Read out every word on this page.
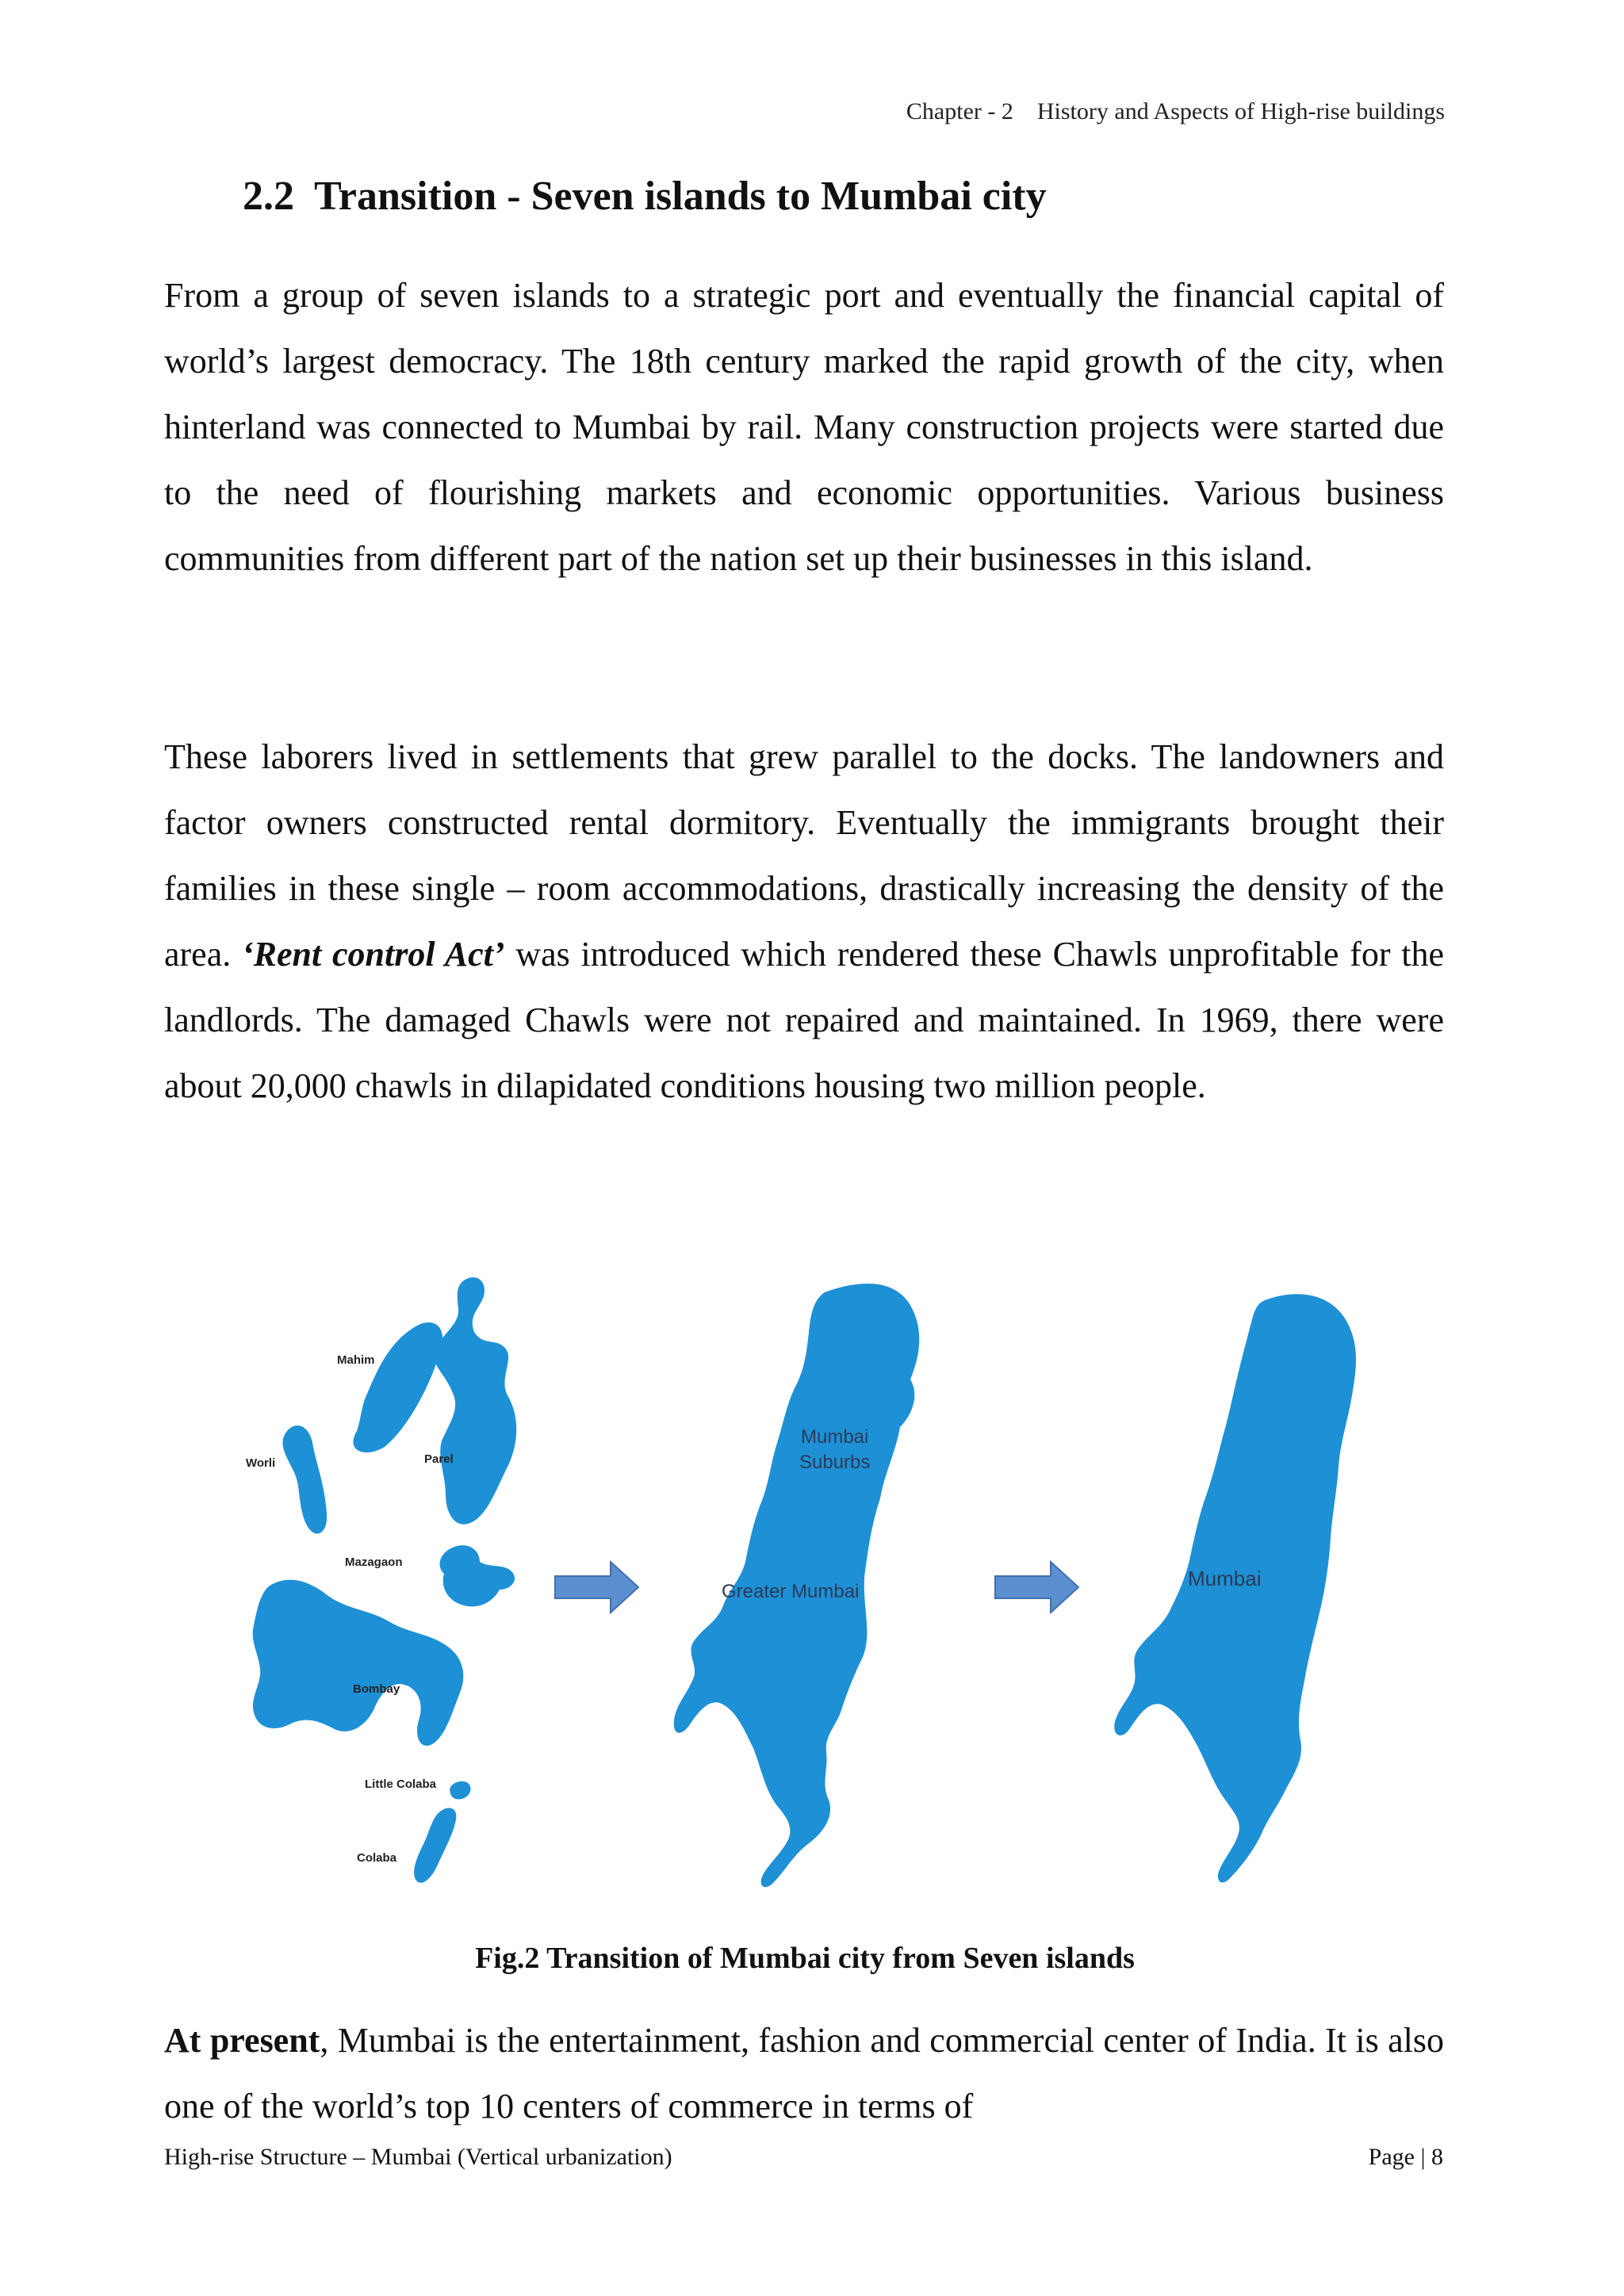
Chapter - 2 History and Aspects of High-rise buildings
2.2 Transition - Seven islands to Mumbai city

From a group of seven islands to a strategic port and eventually the financial capital of world’s largest democracy. The 18th century marked the rapid growth of the city, when hinterland was connected to Mumbai by rail. Many construction projects were started due to the need of flourishing markets and economic opportunities. Various business communities from different part of the nation set up their businesses in this island.

These laborers lived in settlements that grew parallel to the docks. The landowners and factor owners constructed rental dormitory. Eventually the immigrants brought their families in these single – room accommodations, drastically increasing the density of the area. ‘Rent control Act’ was introduced which rendered these Chawls unprofitable for the landlords. The damaged Chawls were not repaired and maintained. In 1969, there were about 20,000 chawls in dilapidated conditions housing two million people.

Mahim
Worli	Parel
Mazagaon
Bombay
Little Colaba
Colaba
Mumbai
Suburbs
Greater Mumbai
Mumbai
Fig.2 Transition of Mumbai city from Seven islands

At present, Mumbai is the entertainment, fashion and commercial center of India. It is also one of the world’s top 10 centers of commerce in terms of

High-rise Structure – Mumbai (Vertical urbanization)	Page | 8
